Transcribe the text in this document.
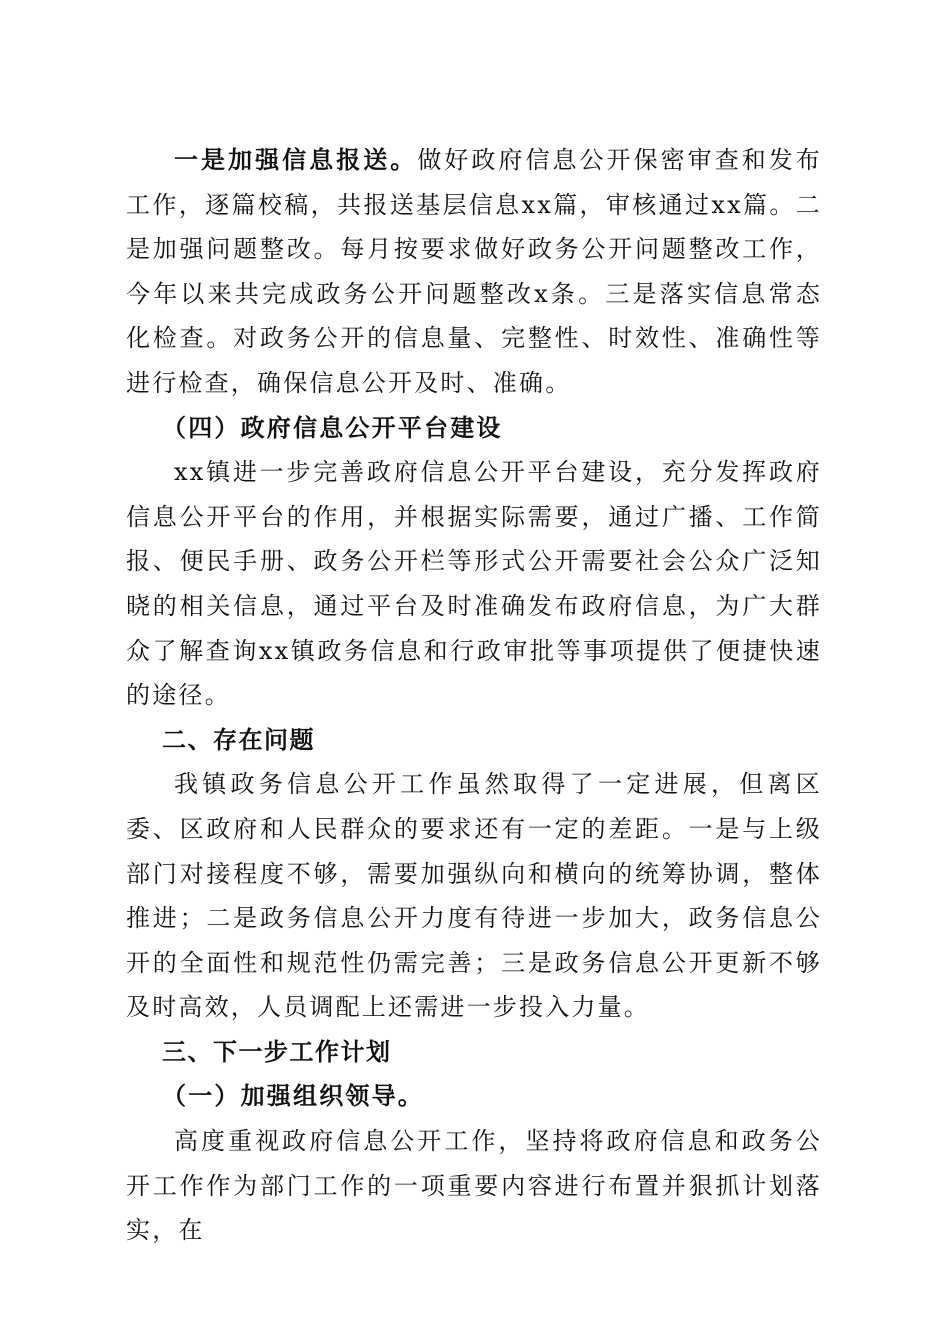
一是加强信息报送。做好政府信息公开保密审查和发布工作，逐篇校稿，共报送基层信息xx篇，审核通过xx篇。二是加强问题整改。每月按要求做好政务公开问题整改工作，今年以来共完成政务公开问题整改x条。三是落实信息常态化检查。对政务公开的信息量、完整性、时效性、准确性等进行检查，确保信息公开及时、准确。

（四）政府信息公开平台建设

xx镇进一步完善政府信息公开平台建设，充分发挥政府信息公开平台的作用，并根据实际需要，通过广播、工作简报、便民手册、政务公开栏等形式公开需要社会公众广泛知晓的相关信息，通过平台及时准确发布政府信息，为广大群众了解查询xx镇政务信息和行政审批等事项提供了便捷快速的途径。

二、存在问题

我镇政务信息公开工作虽然取得了一定进展，但离区委、区政府和人民群众的要求还有一定的差距。一是与上级部门对接程度不够，需要加强纵向和横向的统筹协调，整体推进；二是政务信息公开力度有待进一步加大，政务信息公开的全面性和规范性仍需完善；三是政务信息公开更新不够及时高效，人员调配上还需进一步投入力量。

三、下一步工作计划

（一）加强组织领导。

高度重视政府信息公开工作，坚持将政府信息和政务公开工作作为部门工作的一项重要内容进行布置并狠抓计划落实，在
